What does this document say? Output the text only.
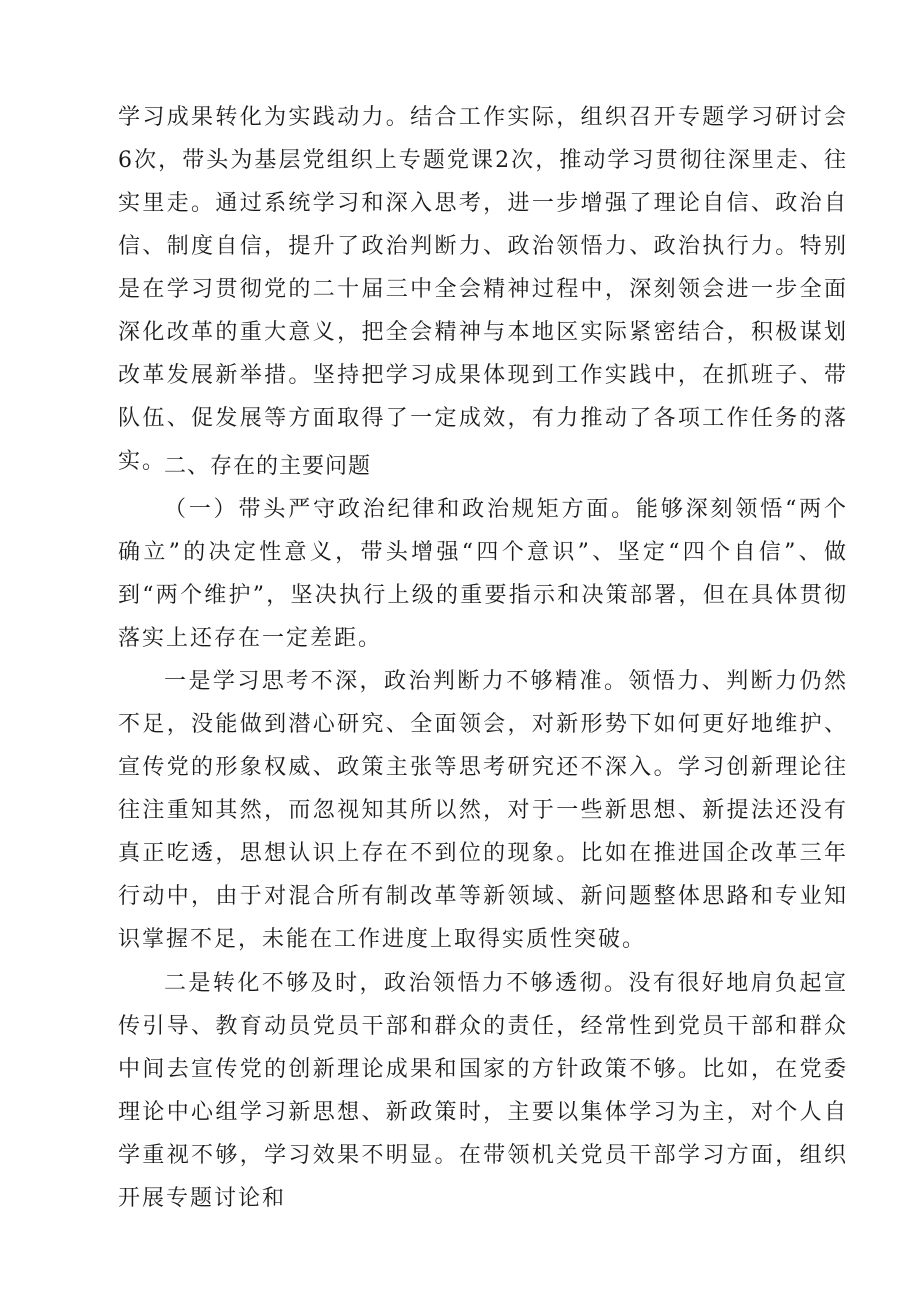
学习成果转化为实践动力。结合工作实际，组织召开专题学习研讨会6次，带头为基层党组织上专题党课2次，推动学习贯彻往深里走、往实里走。通过系统学习和深入思考，进一步增强了理论自信、政治自信、制度自信，提升了政治判断力、政治领悟力、政治执行力。特别是在学习贯彻党的二十届三中全会精神过程中，深刻领会进一步全面深化改革的重大意义，把全会精神与本地区实际紧密结合，积极谋划改革发展新举措。坚持把学习成果体现到工作实践中，在抓班子、带队伍、促发展等方面取得了一定成效，有力推动了各项工作任务的落实。

二、存在的主要问题

（一）带头严守政治纪律和政治规矩方面。能够深刻领悟“两个确立”的决定性意义，带头增强“四个意识”、坚定“四个自信”、做到“两个维护”，坚决执行上级的重要指示和决策部署，但在具体贯彻落实上还存在一定差距。

一是学习思考不深，政治判断力不够精准。领悟力、判断力仍然不足，没能做到潜心研究、全面领会，对新形势下如何更好地维护、宣传党的形象权威、政策主张等思考研究还不深入。学习创新理论往往注重知其然，而忽视知其所以然，对于一些新思想、新提法还没有真正吃透，思想认识上存在不到位的现象。比如在推进国企改革三年行动中，由于对混合所有制改革等新领域、新问题整体思路和专业知识掌握不足，未能在工作进度上取得实质性突破。

二是转化不够及时，政治领悟力不够透彻。没有很好地肩负起宣传引导、教育动员党员干部和群众的责任，经常性到党员干部和群众中间去宣传党的创新理论成果和国家的方针政策不够。比如，在党委理论中心组学习新思想、新政策时，主要以集体学习为主，对个人自学重视不够，学习效果不明显。在带领机关党员干部学习方面，组织开展专题讨论和
